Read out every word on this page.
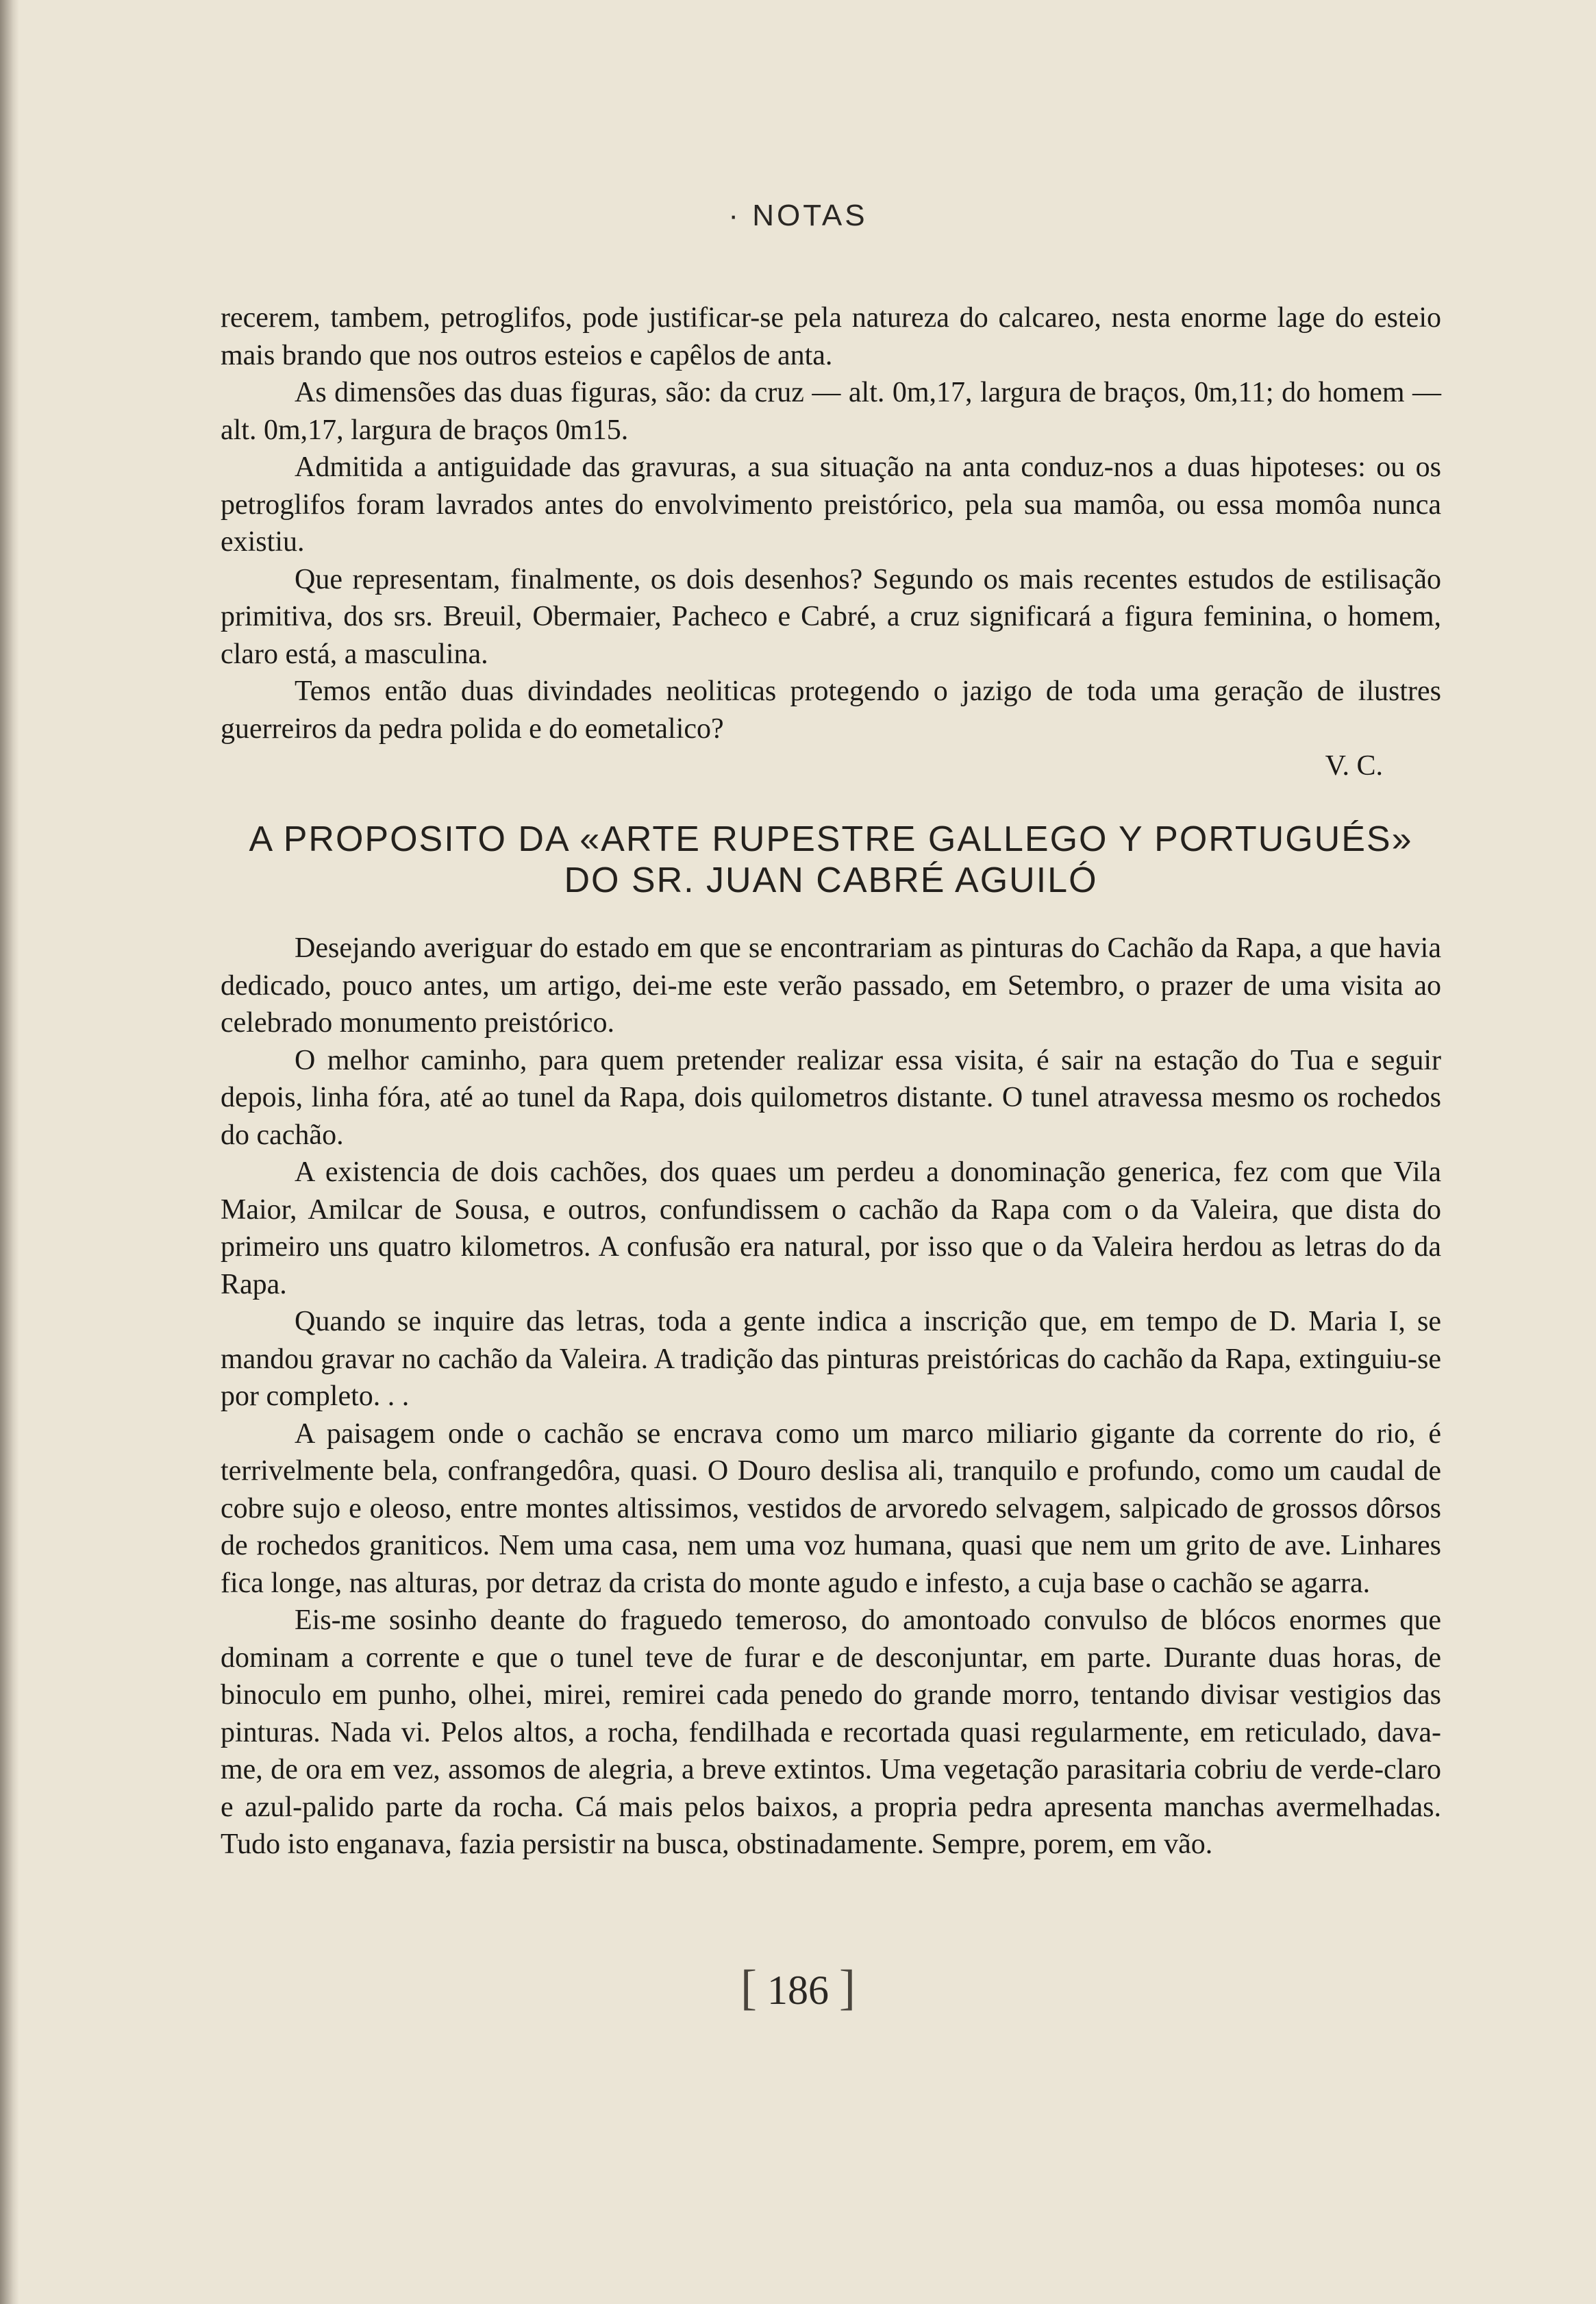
· NOTAS

recerem, tambem, petroglifos, pode justificar-se pela natureza do calcareo, nesta enorme lage do esteio mais brando que nos outros esteios e capêlos de anta.

As dimensões das duas figuras, são: da cruz — alt. 0m,17, largura de braços, 0m,11; do homem — alt. 0m,17, largura de braços 0m15.

Admitida a antiguidade das gravuras, a sua situação na anta conduz-nos a duas hipoteses: ou os petroglifos foram lavrados antes do envolvimento preistórico, pela sua mamôa, ou essa momôa nunca existiu.

Que representam, finalmente, os dois desenhos? Segundo os mais recentes estudos de estilisação primitiva, dos srs. Breuil, Obermaier, Pacheco e Cabré, a cruz significará a figura feminina, o homem, claro está, a masculina.

Temos então duas divindades neoliticas protegendo o jazigo de toda uma geração de ilustres guerreiros da pedra polida e do eometalico?

V. C.
A PROPOSITO DA «ARTE RUPESTRE GALLEGO Y PORTUGUÉS»
DO SR. JUAN CABRÉ AGUILÓ

Desejando averiguar do estado em que se encontrariam as pinturas do Cachão da Rapa, a que havia dedicado, pouco antes, um artigo, dei-me este verão passado, em Setembro, o prazer de uma visita ao celebrado monumento preistórico.

O melhor caminho, para quem pretender realizar essa visita, é sair na estação do Tua e seguir depois, linha fóra, até ao tunel da Rapa, dois quilometros distante. O tunel atravessa mesmo os rochedos do cachão.

A existencia de dois cachões, dos quaes um perdeu a donominação generica, fez com que Vila Maior, Amilcar de Sousa, e outros, confundissem o cachão da Rapa com o da Valeira, que dista do primeiro uns quatro kilometros. A confusão era natural, por isso que o da Valeira herdou as letras do da Rapa.

Quando se inquire das letras, toda a gente indica a inscrição que, em tempo de D. Maria I, se mandou gravar no cachão da Valeira. A tradição das pinturas preistóricas do cachão da Rapa, extinguiu-se por completo. . .

A paisagem onde o cachão se encrava como um marco miliario gigante da corrente do rio, é terrivelmente bela, confrangedôra, quasi. O Douro deslisa ali, tranquilo e profundo, como um caudal de cobre sujo e oleoso, entre montes altissimos, vestidos de arvoredo selvagem, salpicado de grossos dôrsos de rochedos graniticos. Nem uma casa, nem uma voz humana, quasi que nem um grito de ave. Linhares fica longe, nas alturas, por detraz da crista do monte agudo e infesto, a cuja base o cachão se agarra.

Eis-me sosinho deante do fraguedo temeroso, do amontoado convulso de blócos enormes que dominam a corrente e que o tunel teve de furar e de desconjuntar, em parte. Durante duas horas, de binoculo em punho, olhei, mirei, remirei cada penedo do grande morro, tentando divisar vestigios das pinturas. Nada vi. Pelos altos, a rocha, fendilhada e recortada quasi regularmente, em reticulado, dava-me, de ora em vez, assomos de alegria, a breve extintos. Uma vegetação parasitaria cobriu de verde-claro e azul-palido parte da rocha. Cá mais pelos baixos, a propria pedra apresenta manchas avermelhadas. Tudo isto enganava, fazia persistir na busca, obstinadamente. Sempre, porem, em vão.

[ 186 ]
